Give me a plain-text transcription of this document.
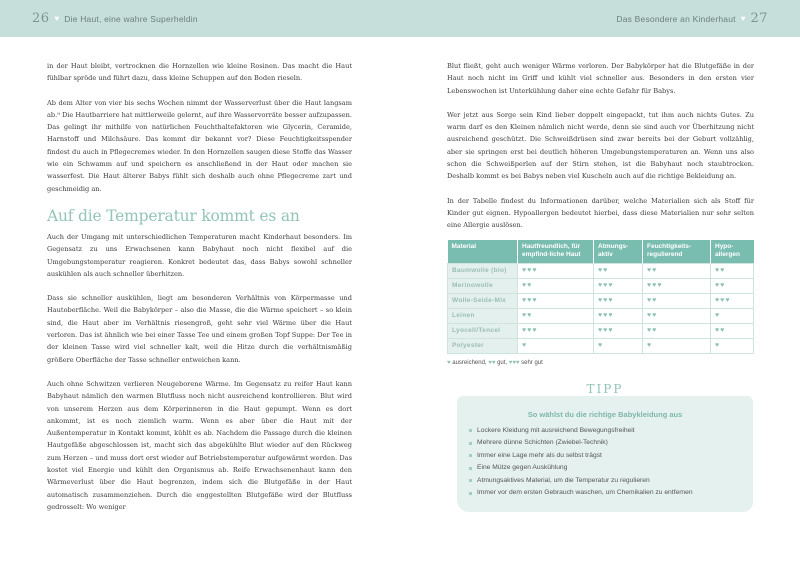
26 ♥ Die Haut, eine wahre Superheldin	Das Besondere an Kinderhaut ♥ 27

in der Haut bleibt, vertrocknen die Hornzellen wie kleine Rosinen. Das macht die Haut fühlbar spröde und führt dazu, dass kleine Schuppen auf den Boden rieseln.

Ab dem Alter von vier bis sechs Wochen nimmt der Wasserverlust über die Haut langsam ab.⁹ Die Hautbarriere hat mittlerweile gelernt, auf ihre Wasservorräte besser aufzupassen. Das gelingt ihr mithilfe von natürlichen Feuchthaltefaktoren wie Glycerin, Ceramide, Harnstoff und Milchsäure. Das kommt dir bekannt vor? Diese Feuchtigkeitsspender findest du auch in Pflegecremes wieder. In den Hornzellen saugen diese Stoffe das Wasser wie ein Schwamm auf und speichern es anschließend in der Haut oder machen sie wasserfest. Die Haut älterer Babys fühlt sich deshalb auch ohne Pflegecreme zart und geschmeidig an.

Auf die Temperatur kommt es an

Auch der Umgang mit unterschiedlichen Temperaturen macht Kinderhaut besonders. Im Gegensatz zu uns Erwachsenen kann Babyhaut noch nicht flexibel auf die Umgebungstemperatur reagieren. Konkret bedeutet das, dass Babys sowohl schneller auskühlen als auch schneller überhitzen.

Dass sie schneller auskühlen, liegt am besonderen Verhältnis von Körpermasse und Hautoberfläche. Weil die Babykörper – also die Masse, die die Wärme speichert – so klein sind, die Haut aber im Verhältnis riesengroß, geht sehr viel Wärme über die Haut verloren. Das ist ähnlich wie bei einer Tasse Tee und einem großen Topf Suppe: Der Tee in der kleinen Tasse wird viel schneller kalt, weil die Hitze durch die verhältnismäßig größere Oberfläche der Tasse schneller entweichen kann.

Auch ohne Schwitzen verlieren Neugeborene Wärme. Im Gegensatz zu reifer Haut kann Babyhaut nämlich den warmen Blutfluss noch nicht ausreichend kontrollieren. Blut wird von unserem Herzen aus dem Körperinneren in die Haut gepumpt. Wenn es dort ankommt, ist es noch ziemlich warm. Wenn es aber über die Haut mit der Außentemperatur in Kontakt kommt, kühlt es ab. Nachdem die Passage durch die kleinen Hautgefäße abgeschlossen ist, macht sich das abgekühlte Blut wieder auf den Rückweg zum Herzen – und muss dort erst wieder auf Betriebstemperatur aufgewärmt werden. Das kostet viel Energie und kühlt den Organismus ab. Reife Erwachsenenhaut kann den Wärmeverlust über die Haut begrenzen, indem sich die Blutgefäße in der Haut automatisch zusammenziehen. Durch die enggestellten Blutgefäße wird der Blutfluss gedrosselt: Wo weniger

Blut fließt, geht auch weniger Wärme verloren. Der Babykörper hat die Blutgefäße in der Haut noch nicht im Griff und kühlt viel schneller aus. Besonders in den ersten vier Lebenswochen ist Unterkühlung daher eine echte Gefahr für Babys.

Wer jetzt aus Sorge sein Kind lieber doppelt eingepackt, tut ihm auch nichts Gutes. Zu warm darf es den Kleinen nämlich nicht werde, denn sie sind auch vor Überhitzung nicht ausreichend geschützt. Die Schweißdrüsen sind zwar bereits bei der Geburt vollzählig, aber sie springen erst bei deutlich höheren Umgebungstemperaturen an. Wenn uns also schon die Schweißperlen auf der Stirn stehen, ist die Babyhaut noch staubtrocken. Deshalb kommt es bei Babys neben viel Kuscheln auch auf die richtige Bekleidung an.

In der Tabelle findest du Informationen darüber, welche Materialien sich als Stoff für Kinder gut eignen. Hypoallergen bedeutet hierbei, dass diese Materialien nur sehr selten eine Allergie auslösen.

Material	Hautfreundlich, für empfind-liche Haut	Atmungs-aktiv	Feuchtigkeits-regulierend	Hypo-allergen
Baumwolle (bio)	♥♥♥	♥♥	♥♥	♥♥
Merinowolle	♥♥	♥♥♥	♥♥♥	♥♥
Wolle-Seide-Mix	♥♥♥	♥♥♥	♥♥	♥♥♥
Leinen	♥♥	♥♥♥	♥♥	♥
Lyocell/Tencel	♥♥♥	♥♥♥	♥♥	♥♥
Polyester	♥	♥	♥	♥
♥ ausreichend, ♥♥ gut, ♥♥♥ sehr gut
TIPP
So wählst du die richtige Babykleidung aus
Lockere Kleidung mit ausreichend Bewegungsfreiheit
Mehrere dünne Schichten (Zwiebel-Technik)
Immer eine Lage mehr als du selbst trägst
Eine Mütze gegen Auskühlung
Atmungsaktives Material, um die Temperatur zu regulieren
Immer vor dem ersten Gebrauch waschen, um Chemikalien zu entfernen
